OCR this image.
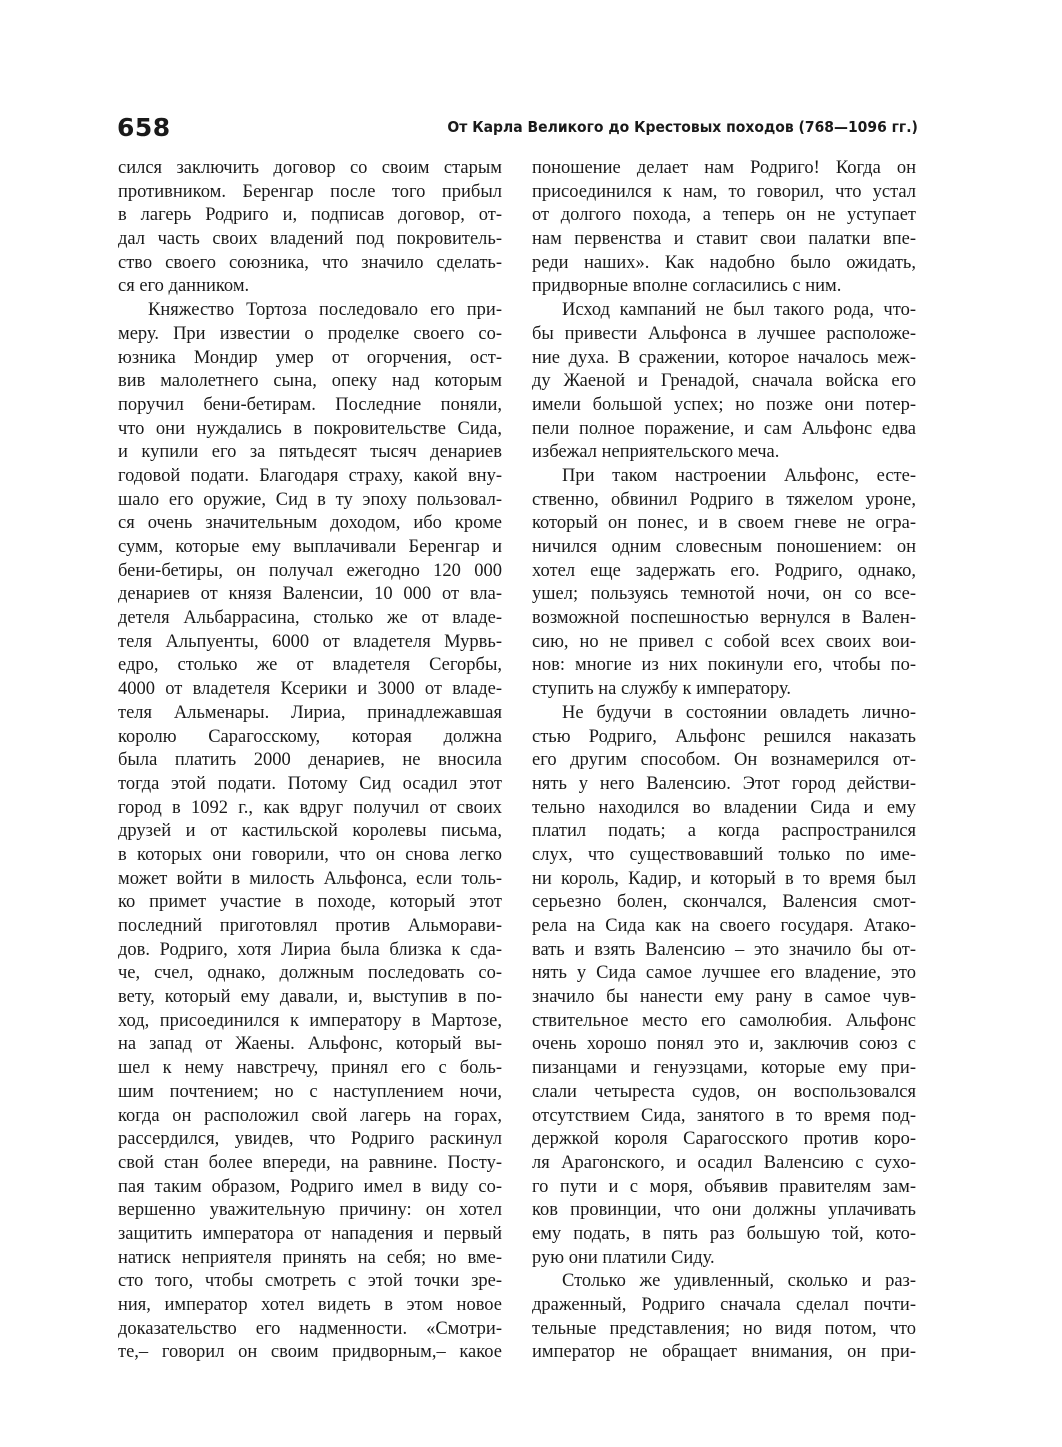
658	От Карла Великого до Крестовых походов (768—1096 гг.)
сился заключить договор со своим старым
противником. Беренгар после того прибыл
в лагерь Родриго и, подписав договор, от-
дал часть своих владений под покровитель-
ство своего союзника, что значило сделать-
ся его данником.
Княжество Тортоза последовало его при-
меру. При известии о проделке своего со-
юзника Мондир умер от огорчения, ост-
вив малолетнего сына, опеку над которым
поручил бени-бетирам. Последние поняли,
что они нуждались в покровительстве Сида,
и купили его за пятьдесят тысяч денариев
годовой подати. Благодаря страху, какой вну-
шало его оружие, Сид в ту эпоху пользовал-
ся очень значительным доходом, ибо кроме
сумм, которые ему выплачивали Беренгар и
бени-бетиры, он получал ежегодно 120 000
денариев от князя Валенсии, 10 000 от вла-
детеля Альбаррасина, столько же от владе-
теля Альпуенты, 6000 от владетеля Мурвь-
едро, столько же от владетеля Сегорбы,
4000 от владетеля Ксерики и 3000 от владе-
теля Альменары. Лириа, принадлежавшая
королю Сарагосскому, которая должна
была платить 2000 денариев, не вносила
тогда этой подати. Потому Сид осадил этот
город в 1092 г., как вдруг получил от своих
друзей и от кастильской королевы письма,
в которых они говорили, что он снова легко
может войти в милость Альфонса, если толь-
ко примет участие в походе, который этот
последний приготовлял против Альморави-
дов. Родриго, хотя Лириа была близка к сда-
че, счел, однако, должным последовать со-
вету, который ему давали, и, выступив в по-
ход, присоединился к императору в Мартозе,
на запад от Жаены. Альфонс, который вы-
шел к нему навстречу, принял его с боль-
шим почтением; но с наступлением ночи,
когда он расположил свой лагерь на горах,
рассердился, увидев, что Родриго раскинул
свой стан более впереди, на равнине. Посту-
пая таким образом, Родриго имел в виду со-
вершенно уважительную причину: он хотел
защитить императора от нападения и первый
натиск неприятеля принять на себя; но вме-
сто того, чтобы смотреть с этой точки зре-
ния, император хотел видеть в этом новое
доказательство его надменности. «Смотри-
те,– говорил он своим придворным,– какое
поношение делает нам Родриго! Когда он
присоединился к нам, то говорил, что устал
от долгого похода, а теперь он не уступает
нам первенства и ставит свои палатки впе-
реди наших». Как надобно было ожидать,
придворные вполне согласились с ним.
Исход кампаний не был такого рода, что-
бы привести Альфонса в лучшее расположе-
ние духа. В сражении, которое началось меж-
ду Жаеной и Гренадой, сначала войска его
имели большой успех; но позже они потер-
пели полное поражение, и сам Альфонс едва
избежал неприятельского меча.
При таком настроении Альфонс, есте-
ственно, обвинил Родриго в тяжелом уроне,
который он понес, и в своем гневе не огра-
ничился одним словесным поношением: он
хотел еще задержать его. Родриго, однако,
ушел; пользуясь темнотой ночи, он со все-
возможной поспешностью вернулся в Вален-
сию, но не привел с собой всех своих вои-
нов: многие из них покинули его, чтобы по-
ступить на службу к императору.
Не будучи в состоянии овладеть лично-
стью Родриго, Альфонс решился наказать
его другим способом. Он вознамерился от-
нять у него Валенсию. Этот город действи-
тельно находился во владении Сида и ему
платил подать; а когда распространился
слух, что существовавший только по име-
ни король, Кадир, и который в то время был
серьезно болен, скончался, Валенсия смот-
рела на Сида как на своего государя. Атако-
вать и взять Валенсию – это значило бы от-
нять у Сида самое лучшее его владение, это
значило бы нанести ему рану в самое чув-
ствительное место его самолюбия. Альфонс
очень хорошо понял это и, заключив союз с
пизанцами и генуэзцами, которые ему при-
слали четыреста судов, он воспользовался
отсутствием Сида, занятого в то время под-
держкой короля Сарагосского против коро-
ля Арагонского, и осадил Валенсию с сухо-
го пути и с моря, объявив правителям зам-
ков провинции, что они должны уплачивать
ему подать, в пять раз большую той, кото-
рую они платили Сиду.
Столько же удивленный, сколько и раз-
драженный, Родриго сначала сделал почти-
тельные представления; но видя потом, что
император не обращает внимания, он при-
